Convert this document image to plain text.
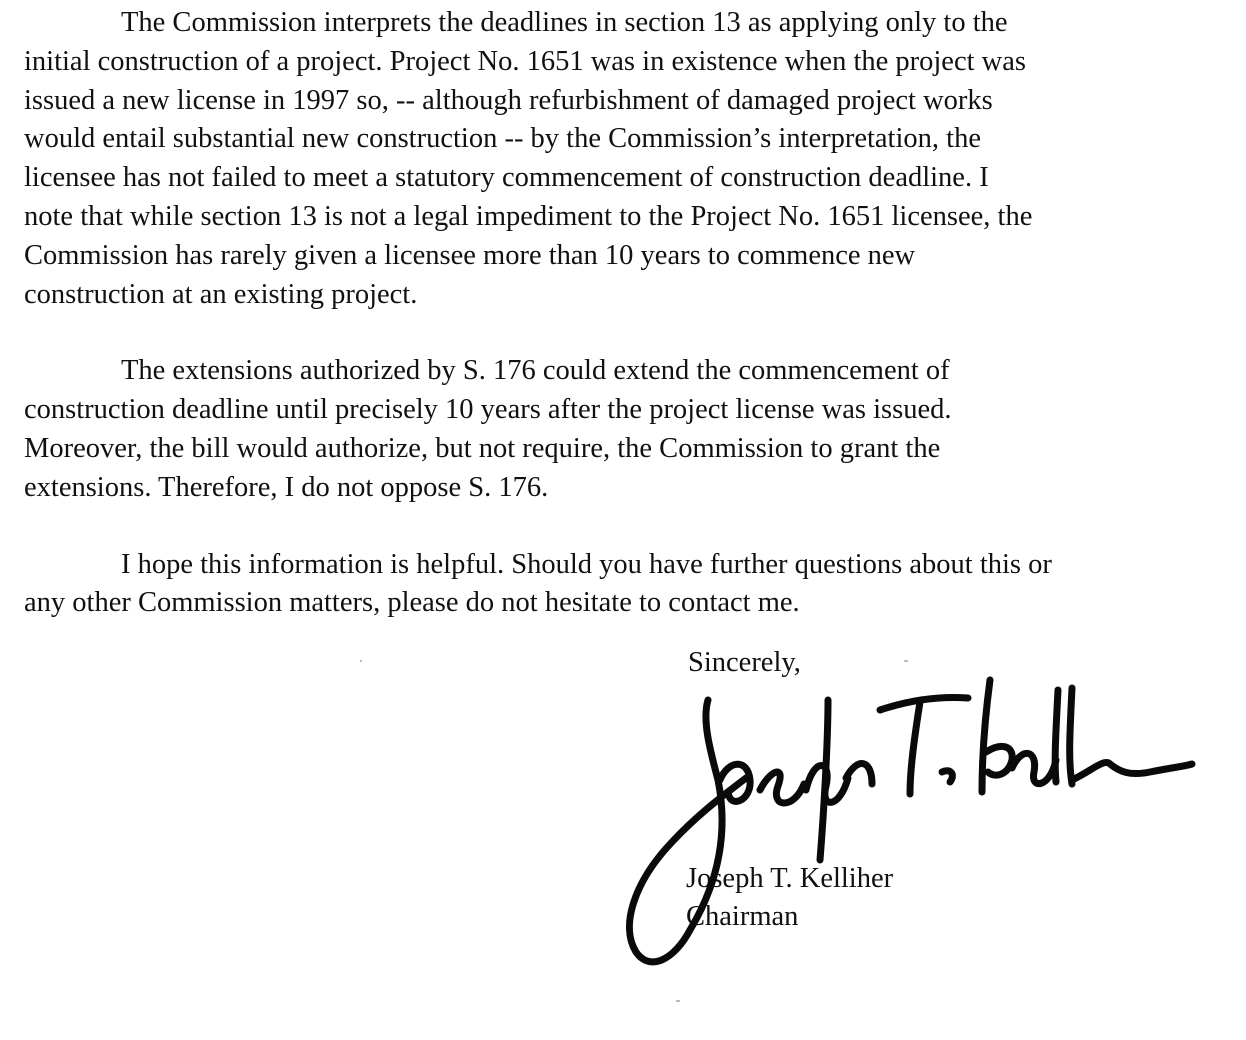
The Commission interprets the deadlines in section 13 as applying only to the
initial construction of a project. Project No. 1651 was in existence when the project was
issued a new license in 1997 so, -- although refurbishment of damaged project works
would entail substantial new construction -- by the Commission’s interpretation, the
licensee has not failed to meet a statutory commencement of construction deadline. I
note that while section 13 is not a legal impediment to the Project No. 1651 licensee, the
Commission has rarely given a licensee more than 10 years to commence new
construction at an existing project.

The extensions authorized by S. 176 could extend the commencement of
construction deadline until precisely 10 years after the project license was issued.
Moreover, the bill would authorize, but not require, the Commission to grant the
extensions. Therefore, I do not oppose S. 176.

I hope this information is helpful. Should you have further questions about this or
any other Commission matters, please do not hesitate to contact me.

Sincerely,
Joseph T. Kelliher
Chairman
